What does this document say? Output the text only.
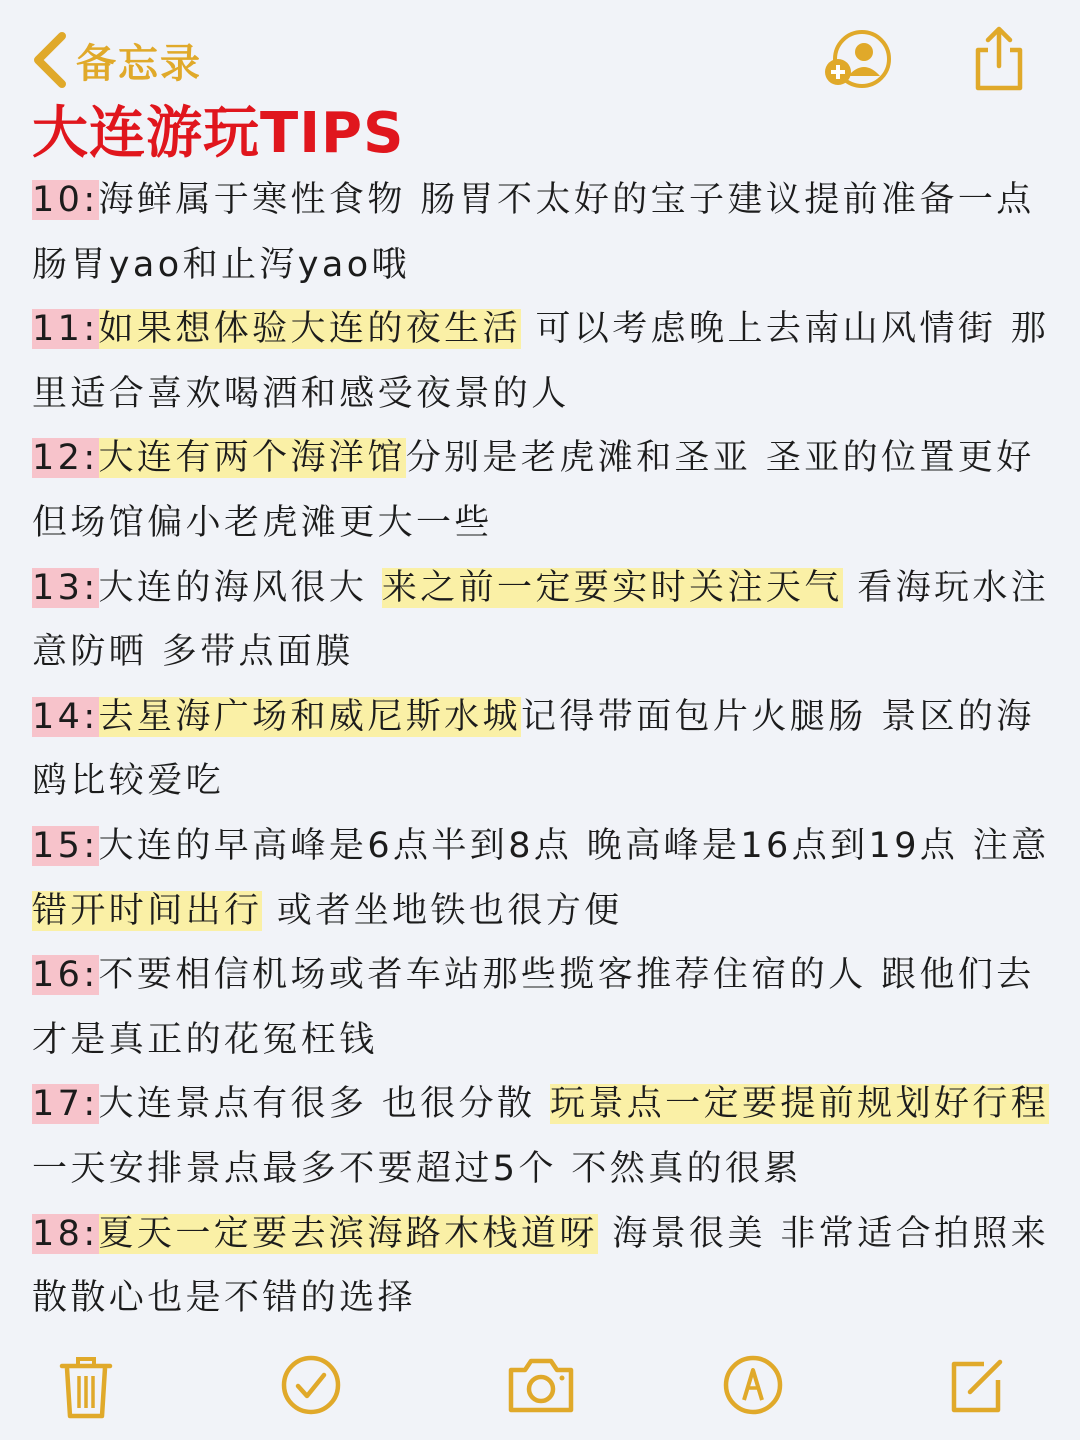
备忘录
大连游玩TIPS

10:海鲜属于寒性食物 肠胃不太好的宝子建议提前准备一点肠胃yao和止泻yao哦

11:如果想体验大连的夜生活 可以考虑晚上去南山风情街 那里适合喜欢喝酒和感受夜景的人

12:大连有两个海洋馆分别是老虎滩和圣亚 圣亚的位置更好 但场馆偏小老虎滩更大一些

13:大连的海风很大 来之前一定要实时关注天气 看海玩水注意防晒 多带点面膜

14:去星海广场和威尼斯水城记得带面包片火腿肠 景区的海鸥比较爱吃

15:大连的早高峰是6点半到8点 晚高峰是16点到19点 注意错开时间出行 或者坐地铁也很方便

16:不要相信机场或者车站那些揽客推荐住宿的人 跟他们去才是真正的花冤枉钱

17:大连景点有很多 也很分散 玩景点一定要提前规划好行程一天安排景点最多不要超过5个 不然真的很累

18:夏天一定要去滨海路木栈道呀 海景很美 非常适合拍照来散散心也是不错的选择
